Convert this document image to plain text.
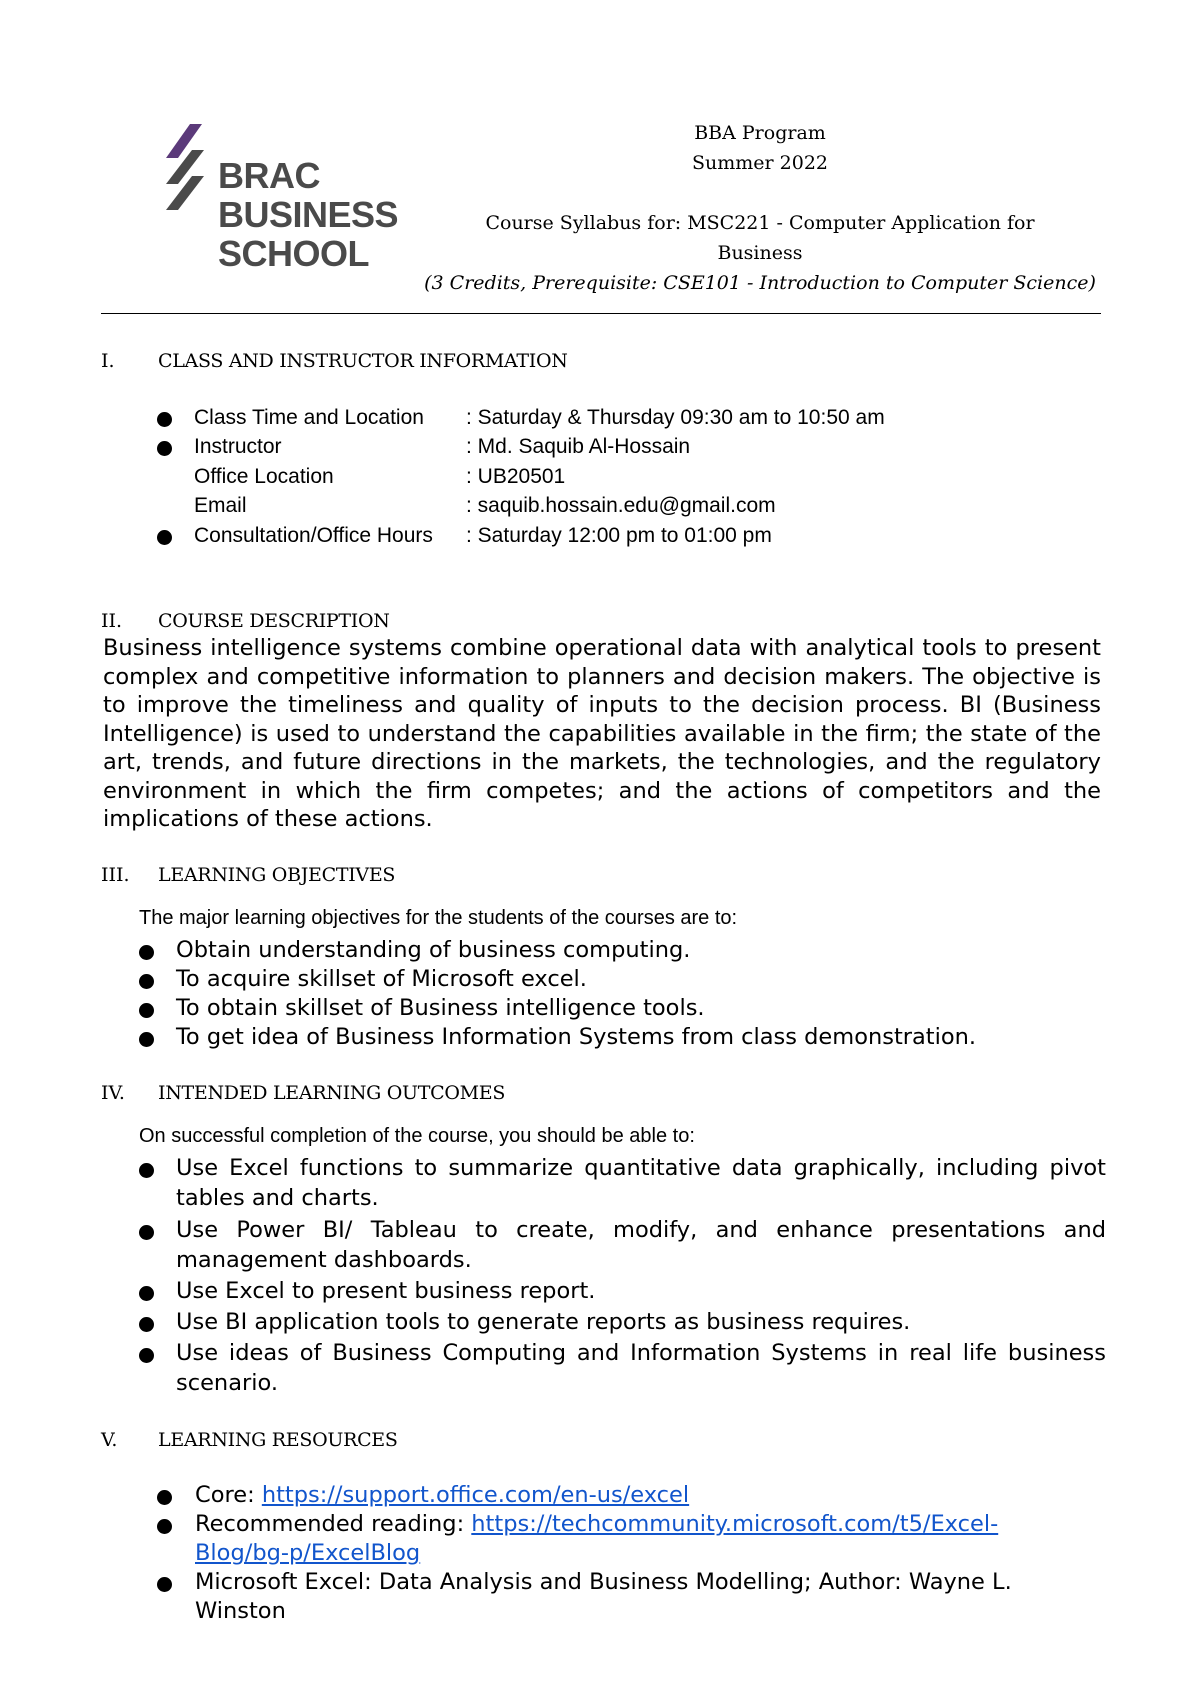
BRAC
BUSINESS
SCHOOL
BBA Program
Summer 2022
Course Syllabus for: MSC221 - Computer Application for
Business
(3 Credits, Prerequisite: CSE101 - Introduction to Computer Science)
I. CLASS AND INSTRUCTOR INFORMATION
Class Time and Location : Saturday & Thursday 09:30 am to 10:50 am
Instructor	: Md. Saquib Al-Hossain
Office Location	: UB20501
Email	: saquib.hossain.edu@gmail.com
Consultation/Office Hours : Saturday 12:00 pm to 01:00 pm
II. COURSE DESCRIPTION
Business intelligence systems combine operational data with analytical tools to present complex and competitive information to planners and decision makers. The objective is to improve the timeliness and quality of inputs to the decision process. BI (Business Intelligence) is used to understand the capabilities available in the firm; the state of the art, trends, and future directions in the markets, the technologies, and the regulatory environment in which the firm competes; and the actions of competitors and the implications of these actions.
III. LEARNING OBJECTIVES
The major learning objectives for the students of the courses are to:
Obtain understanding of business computing.
To acquire skillset of Microsoft excel.
To obtain skillset of Business intelligence tools.
To get idea of Business Information Systems from class demonstration.
IV. INTENDED LEARNING OUTCOMES
On successful completion of the course, you should be able to:
Use Excel functions to summarize quantitative data graphically, including pivot tables and charts.
Use Power BI/ Tableau to create, modify, and enhance presentations and management dashboards.
Use Excel to present business report.
Use BI application tools to generate reports as business requires.
Use ideas of Business Computing and Information Systems in real life business scenario.
V. LEARNING RESOURCES
Core: https://support.office.com/en-us/excel
Recommended reading: https://techcommunity.microsoft.com/t5/Excel-
Blog/bg-p/ExcelBlog
Microsoft Excel: Data Analysis and Business Modelling; Author: Wayne L.
Winston
